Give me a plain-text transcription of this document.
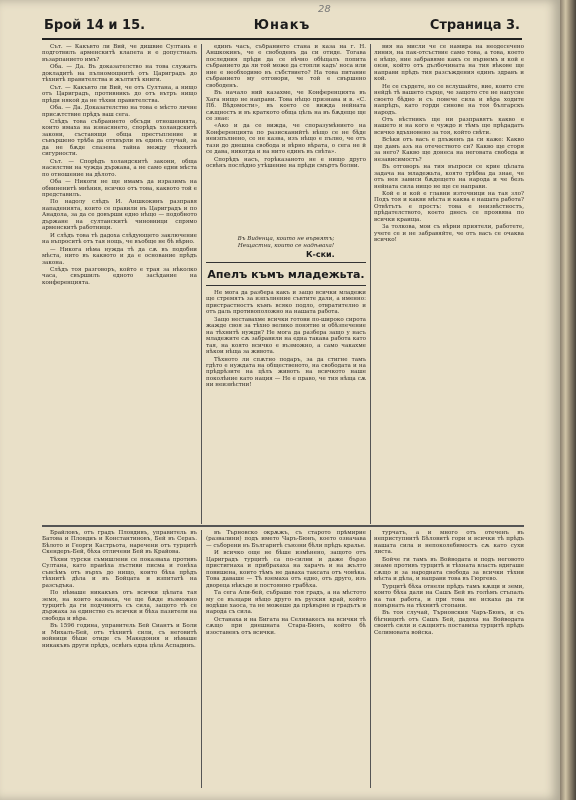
28
Брой 14 и 15.	Юнакъ	Страница 3.

Сът. — Какъвто ли Вий, че дишвие Султань е подготвилъ арменскитѣ клапета и е допустналъ възарпанието имъ?

Оба. — Да. Въ доказателство на това служатъ докладитѣ на пълномощнитѣ отъ Цариградъ до тѣхнитѣ правителства и жълтитѣ книги.

Сът. — Какъвто ли Вий, че отъ Султана, а нищо отъ Цариградъ, противникъ до отъ вътръ нищо прѣди някой да не тѣхни правителства.

Оба. — Да. Доказателство на това е мѣсто личне присѫтствие прѣдъ ваш сега.

Слѣдъ това събранието обсъди отношенията, които имаха на изнасянето, спорѣдъ холандскитѣ закони, съставящи обща престъпление и съвършено трѣба да отхвърли въ единъ случай, за да не бѫде спазена тайна между тѣхнитѣ сигурности.

Сът. — Спорѣдъ холандскитѣ закони, обща насилстви на чужда държава, а не само едни мѣста по отношение на дѣлото.

Оба — Никоги не ще имамъ да изразимъ на обвиненитѣ мнѣния, всичко отъ това, каквото той е представилъ.

По надолу слѣдъ И. Аншкокинъ разправя нападенията, които се правили въ Цариградъ и по Анадола, за да се довърши едно нѣщо — подобното държане на султанскитѣ чиновници спрямо арменскитѣ работници.

И слѣдъ това тѣ дадоха слѣдующето заключение на въпроситѣ отъ тая нощь, че въобще не бѣ вѣрно.

— Никога нѣма нужда тѣ да сѫ въ подобни мѣста, нито въ каквото и да е основание прѣдъ закона.

Слѣдъ тоя разговоръ, който е трая за нѣколко часа, свършилъ едното засѣдание на конференцията.

единъ часъ, събранието стана и каза на г. Н. Аншкокинъ, че е свободенъ да си отиде. Тогава последния прѣди да се вѣчно обѣщалъ попита събранието да ли той може да стопли кадъ' носа или ние е необходимо въ събствието? На това питание събранието му отговори, че той е свършено свободенъ.

Въ начало ний казахме, че Конференцията въ Хага нищо не направи. Това нѣщо признава и в. «С. Пб. Вѣдомости», въ което се вижда нейната сѫщностъ и въ краткото обща цѣль на въ бѫдеще ще се знае:

«Ако и да се вижда, че споразумѣнието на Конференцията по разисканийтѣ нѣщо се не бѣде неизпълнено, се не казва, изъ нѣщо е пълно, че отъ тази до днешна свобода и вѣрно вѣрата, о сега не й се дава, никогда и на нито единъ въ свѣта».

Спорѣдъ насъ, горѣказаното не е нищо друго освѣнъ послѣдно утѣшение на прѣди смъртъ болни.

вия на мисли че се намира на неодесечено линия, на пак-отсъствие само това, а това, което е нѣщо, ние забравяме какъ се върнемъ и кой е онзи, който отъ дълбочината на тия вѣкове ще направи прѣдъ тия разсъждения единъ здравъ и кой.

Не се сърдете, но се вслушайте, вие, които сте нейдѣ тѣ вашето сърце, че защото сте не напусне своето бѣдно и съ повече сила и вѣра ходите напрѣдъ, като горди синове на тоя българскъ народъ.

Отъ вѣстникъ ще ни разправятъ какво е нашето и на кого е чуждо и тѣмъ ще прѣдадатъ всичко вдъхновено за тоя, който свѣти.

Всѣки отъ васъ е длъженъ да си каже: Какво ще дамъ азъ на отечеството си? Какво ще сторя за него? Какво ще донеса на неговата свобода и независимостъ?

Въ отговоръ на тия въпроси се крие цѣлата задача на младежьта, която трѣбва да знае, че отъ нея зависи бѫдещето на народа и че безъ нейната сила нищо не ще се направи.

Кой е и кой е главни източници на тая зло? Подъ тоя и какви мѣста и каква е нашата работа? Отвѣтътъ е простъ: това е неизвѣстностъ, прѣдателството, което днесъ се проявява по всички краища.

За толкова, мои съ вѣрни приятели, работете, учете се и не забравяйте, че отъ васъ се очаква всичко!

Въ Виденца, които не вървятъ;
Нещастни, които се надѣваха!
К-ски.
Апелъ къмъ младежьта.

Не мога да разбера какъ и защо всички младежи ще стремятъ за изпълнение съвтите дали, а именно: пристрастностъ къмъ всяко подло, отвратително и отъ даль противоположно на нашата работа.

Защо неставахме всички готови по-широко сирота жажде своя за тѣхно велико понятие и обѣзпечение на тѣхнитѣ нужди? Не мога да разбера защо у насъ младежите сѫ забравили на една такава работа като тая, на която всичко е възможно, а само чакахме нѣкои нѣща за живота.

Тѣхното ли спѫтно подаръ, за да стигне тамъ гдѣто е нуждата на общественото, на свободата и на прѣдрѣзите на цѣлъ животъ на всичкото наше поколѣние като нация — Не е право, че тия нѣща сѫ ни неизвѣстни!

Брайловъ, отъ градъ Пловдивъ, управитель въ Батова и Пловдиъ и Константиновъ, Бей въ Сераъ. Бѣлото и Георги Кастрьота, наречени отъ турцитѣ Скендеръ-Бей, бѣха отличени Бей въ Крайова.

Тѣхни турски съмишлени се показваха противъ Султана, като правѣха лъстиви писма и гонѣха съвсѣмъ отъ върхъ до нищо, които бѣха прѣдъ тѣхнитѣ дѣла и въ Бойцата и изпитатѣ на разсъдъка.

По нѣмаше никакъвъ отъ всички цѣлата тая земя, на които казваха, че ще бѫде възможно турцитѣ да ги подчинятъ съ сила, защото тѣ се държаха за единство съ всички и бѣха пазители на свобода и вѣра.

Въ 1596 година, управитель Бей Сиантъ и Боли и Михалъ-Бей, отъ тѣхнитѣ сили, съ неговитѣ войници бѣше отиде съ Македония и нѣмаше никакъвъ други прѣдъ, освѣнъ една цѣла Аспадинъ.

въ Търновско окрѫжъ, съ старото прѣмирие (развалини) подъ името Чаръ-Бюнъ, което означава — съборени въ Българитѣ съюзни бѣли прѣдъ кралье.

И всичко още не бѣше измѣнено, защото отъ Цариградъ турцитѣ са по-силни и даже бързо пристигнаха и прибрахаха на харачъ и на жълто повишена, които тѣмъ не даваха таксата отъ човѣка. Това даваше — Тѣ вземаха отъ едно, отъ друго, изъ двореца нѣкъде и постоянно грабѣха.

Та сега Али-бей, събраше тоя градъ, а на мѣстото му се възцари нѣщо друго въ руския край, който водѣше хаоса, та не можеше да прѣвърне и градътъ и народа съ сила.

Останаха и на Бигата на Селивакесъ на всички тѣ сѫщо при днешната Стара-Бюнъ, който бѣ изоставенъ отъ всички.

турчатъ, а и много отъ отеченъ въ неприступнитѣ Бѣловитѣ гори и всички тѣ прѣдъ нашата сила и непоколебимостъ сѫ като сухи листа.

Бойче ги тамъ въ Войводата и подъ неговото знаме противъ турцитѣ и тѣхната власть вдигаше сѫщо и за народната свобода за всички тѣхни мѣста и дѣла, и направи това въ Гюргево.

Турцитѣ бѣха отнели прѣдъ тамъ кѫщи и земи, които бѣха дали на Сашъ Бей въ голѣмъ стъпалъ на тая работа, и при това не искаха да ги повърнатъ на тѣхнитѣ стопани.

Въ тоя случай, Търновския Чаръ-Бюнъ, и съ бѣгницитѣ отъ Сашъ Бей, дадоха на Войводата своитѣ сили и сѫщиятъ поставиха турцитѣ прѣдъ Селимовата войска.
